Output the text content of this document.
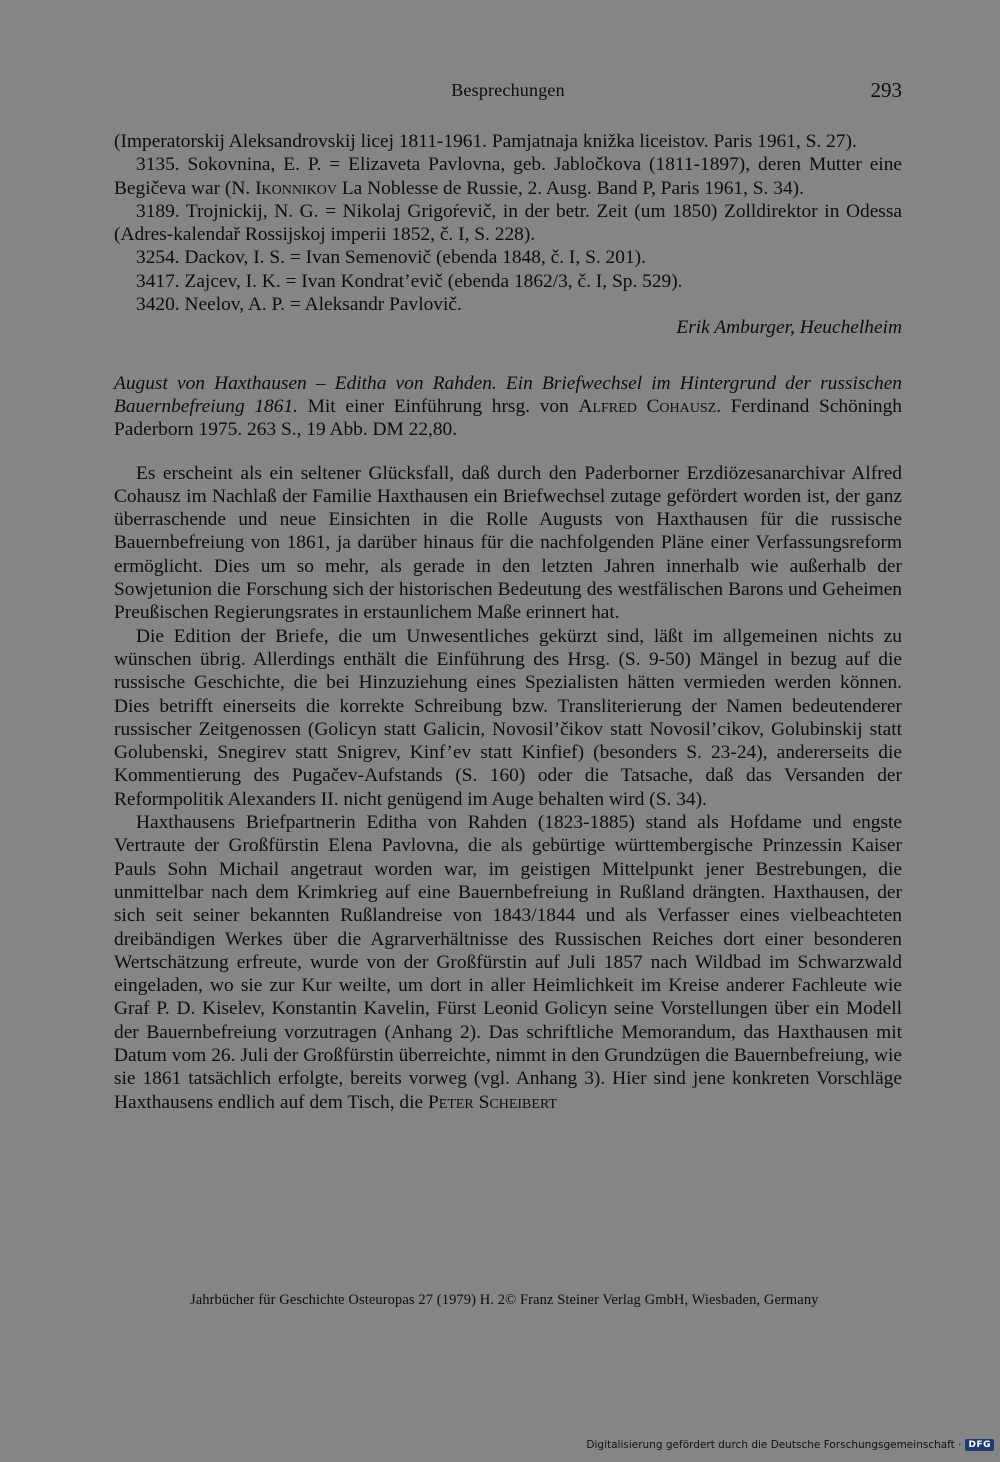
Besprechungen	293

(Imperatorskij Aleksandrovskij licej 1811-1961. Pamjatnaja knižka liceistov. Paris 1961, S. 27).

3135. Sokovnina, E. P. = Elizaveta Pavlovna, geb. Jabločkova (1811-1897), deren Mutter eine Begičeva war (N. Ikonnikov La Noblesse de Russie, 2. Ausg. Band P, Paris 1961, S. 34).

3189. Trojnickij, N. G. = Nikolaj Grigoŕevič, in der betr. Zeit (um 1850) Zolldirektor in Odessa (Adres-kalendař Rossijskoj imperii 1852, č. I, S. 228).

3254. Dackov, I. S. = Ivan Semenovič (ebenda 1848, č. I, S. 201).

3417. Zajcev, I. K. = Ivan Kondrat’evič (ebenda 1862/3, č. I, Sp. 529).

3420. Neelov, A. P. = Aleksandr Pavlovič.

Erik Amburger, Heuchelheim

August von Haxthausen – Editha von Rahden. Ein Briefwechsel im Hintergrund der russischen Bauernbefreiung 1861. Mit einer Einführung hrsg. von Alfred Cohausz. Ferdinand Schöningh Paderborn 1975. 263 S., 19 Abb. DM 22,80.

Es erscheint als ein seltener Glücksfall, daß durch den Paderborner Erzdiözesanarchivar Alfred Cohausz im Nachlaß der Familie Haxthausen ein Briefwechsel zutage gefördert worden ist, der ganz überraschende und neue Einsichten in die Rolle Augusts von Haxthausen für die russische Bauernbefreiung von 1861, ja darüber hinaus für die nachfolgenden Pläne einer Verfassungsreform ermöglicht. Dies um so mehr, als gerade in den letzten Jahren innerhalb wie außerhalb der Sowjetunion die Forschung sich der historischen Bedeutung des westfälischen Barons und Geheimen Preußischen Regierungsrates in erstaunlichem Maße erinnert hat.

Die Edition der Briefe, die um Unwesentliches gekürzt sind, läßt im allgemeinen nichts zu wünschen übrig. Allerdings enthält die Einführung des Hrsg. (S. 9-50) Mängel in bezug auf die russische Geschichte, die bei Hinzuziehung eines Spezialisten hätten vermieden werden können. Dies betrifft einerseits die korrekte Schreibung bzw. Transliterierung der Namen bedeutenderer russischer Zeitgenossen (Golicyn statt Galicin, Novosil’čikov statt Novosil’cikov, Golubinskij statt Golubenski, Snegirev statt Snigrev, Kinf’ev statt Kinfief) (besonders S. 23-24), andererseits die Kommentierung des Pugačev-Aufstands (S. 160) oder die Tatsache, daß das Versanden der Reformpolitik Alexanders II. nicht genügend im Auge behalten wird (S. 34).

Haxthausens Briefpartnerin Editha von Rahden (1823-1885) stand als Hofdame und engste Vertraute der Großfürstin Elena Pavlovna, die als gebürtige württembergische Prinzessin Kaiser Pauls Sohn Michail angetraut worden war, im geistigen Mittelpunkt jener Bestrebungen, die unmittelbar nach dem Krimkrieg auf eine Bauernbefreiung in Rußland drängten. Haxthausen, der sich seit seiner bekannten Rußlandreise von 1843/1844 und als Verfasser eines vielbeachteten dreibändigen Werkes über die Agrarverhältnisse des Russischen Reiches dort einer besonderen Wertschätzung erfreute, wurde von der Großfürstin auf Juli 1857 nach Wildbad im Schwarzwald eingeladen, wo sie zur Kur weilte, um dort in aller Heimlichkeit im Kreise anderer Fachleute wie Graf P. D. Kiselev, Konstantin Kavelin, Fürst Leonid Golicyn seine Vorstellungen über ein Modell der Bauernbefreiung vorzutragen (Anhang 2). Das schriftliche Memorandum, das Haxthausen mit Datum vom 26. Juli der Großfürstin überreichte, nimmt in den Grundzügen die Bauernbefreiung, wie sie 1861 tatsächlich erfolgte, bereits vorweg (vgl. Anhang 3). Hier sind jene konkreten Vorschläge Haxthausens endlich auf dem Tisch, die Peter Scheibert

Jahrbücher für Geschichte Osteuropas 27 (1979) H. 2© Franz Steiner Verlag GmbH, Wiesbaden, Germany
Digitalisierung gefördert durch die Deutsche Forschungsgemeinschaft · DFG
